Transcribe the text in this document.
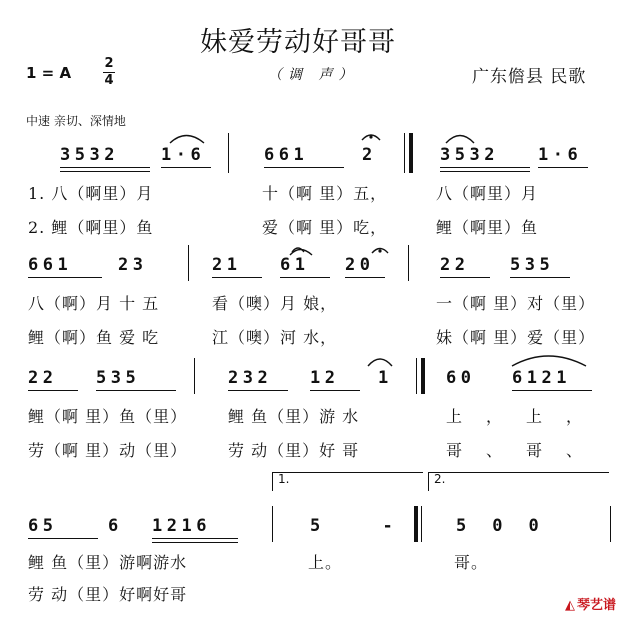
妹爱劳动好哥哥
1 = A
2
4	（调 声）	广东儋县 民歌
中速 亲切、深情地
3532 1·6	661	2	3532 1·6
1. 八（啊里）月	十（啊 里）五，	八（啊里）月
2. 鲤（啊里）鱼	爱（啊 里）吃，	鲤（啊里）鱼
661	23	21 61 20	22 535
八（啊）月 十 五	看（噢）月 娘，	一（啊 里）对（里）
鲤（啊）鱼 爱 吃	江（噢）河 水，	妹（啊 里）爱（里）
22 535	232 12 1	60 6121
鲤（啊 里）鱼（里）	鲤 鱼（里）游 水	上，上，
劳（啊 里）动（里）	劳 动（里）好 哥	哥、哥、
1.	2.
65	6 1216	5 - 500
鲤 鱼（里）游啊游水	上。	哥。
劳 动（里）好啊好哥
◭ 琴艺谱
